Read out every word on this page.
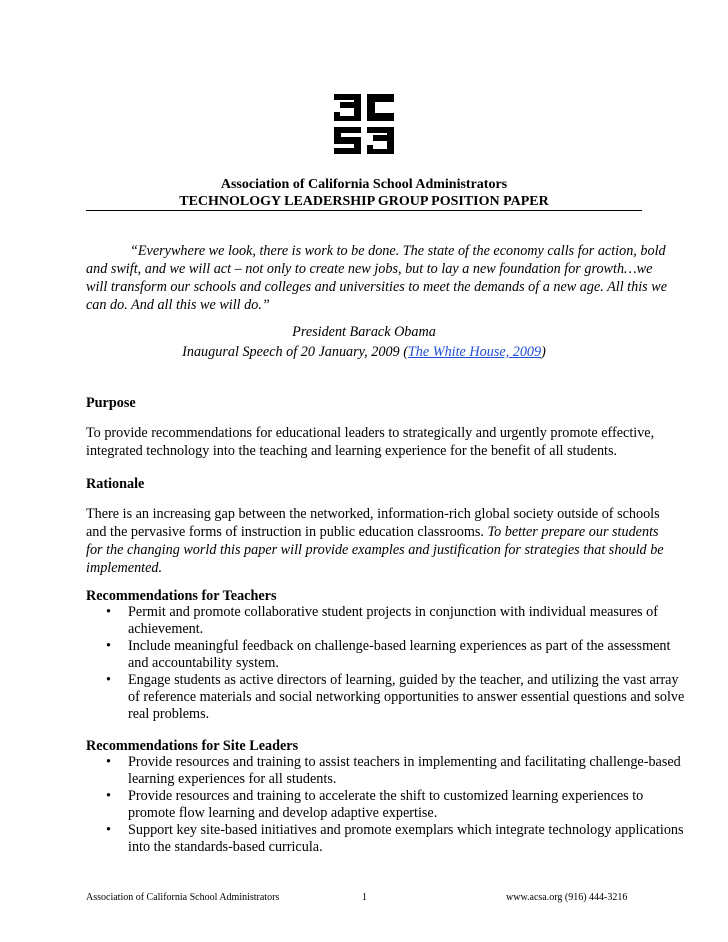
Association of California School Administrators
TECHNOLOGY LEADERSHIP GROUP POSITION PAPER
“Everywhere we look, there is work to be done. The state of the economy calls for action, bold and swift, and we will act – not only to create new jobs, but to lay a new foundation for growth…we will transform our schools and colleges and universities to meet the demands of a new age. All this we can do. And all this we will do.”
President Barack Obama
Inaugural Speech of 20 January, 2009 (The White House, 2009)
Purpose
To provide recommendations for educational leaders to strategically and urgently promote effective, integrated technology into the teaching and learning experience for the benefit of all students.
Rationale
There is an increasing gap between the networked, information-rich global society outside of schools and the pervasive forms of instruction in public education classrooms. To better prepare our students for the changing world this paper will provide examples and justification for strategies that should be implemented.
Recommendations for Teachers
• Permit and promote collaborative student projects in conjunction with individual measures of achievement.
• Include meaningful feedback on challenge-based learning experiences as part of the assessment and accountability system.
• Engage students as active directors of learning, guided by the teacher, and utilizing the vast array of reference materials and social networking opportunities to answer essential questions and solve real problems.
Recommendations for Site Leaders
• Provide resources and training to assist teachers in implementing and facilitating challenge-based learning experiences for all students.
• Provide resources and training to accelerate the shift to customized learning experiences to promote flow learning and develop adaptive expertise.
• Support key site-based initiatives and promote exemplars which integrate technology applications into the standards-based curricula.
Association of California School Administrators	1	www.acsa.org (916) 444-3216
